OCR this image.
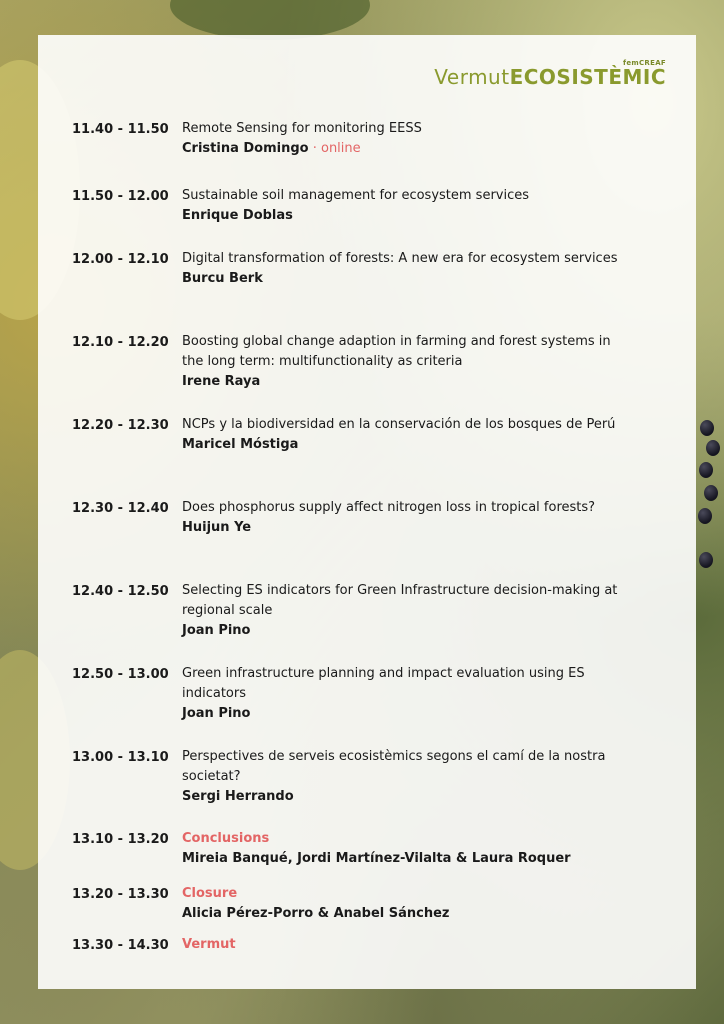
femCREAF
VermutECOSISTÈMIC
11.40 - 11.50 Remote Sensing for monitoring EESS
Cristina Domingo · online
11.50 - 12.00 Sustainable soil management for ecosystem services
Enrique Doblas
12.00 - 12.10 Digital transformation of forests: A new era for ecosystem services
Burcu Berk
12.10 - 12.20 Boosting global change adaption in farming and forest systems in the long term: multifunctionality as criteria
Irene Raya
12.20 - 12.30 NCPs y la biodiversidad en la conservación de los bosques de Perú
Maricel Móstiga
12.30 - 12.40 Does phosphorus supply affect nitrogen loss in tropical forests?
Huijun Ye
12.40 - 12.50 Selecting ES indicators for Green Infrastructure decision-making at regional scale
Joan Pino
12.50 - 13.00 Green infrastructure planning and impact evaluation using ES indicators
Joan Pino
13.00 - 13.10 Perspectives de serveis ecosistèmics segons el camí de la nostra societat?
Sergi Herrando
13.10 - 13.20 Conclusions
Mireia Banqué, Jordi Martínez-Vilalta & Laura Roquer
13.20 - 13.30 Closure
Alicia Pérez-Porro & Anabel Sánchez
13.30 - 14.30 Vermut
